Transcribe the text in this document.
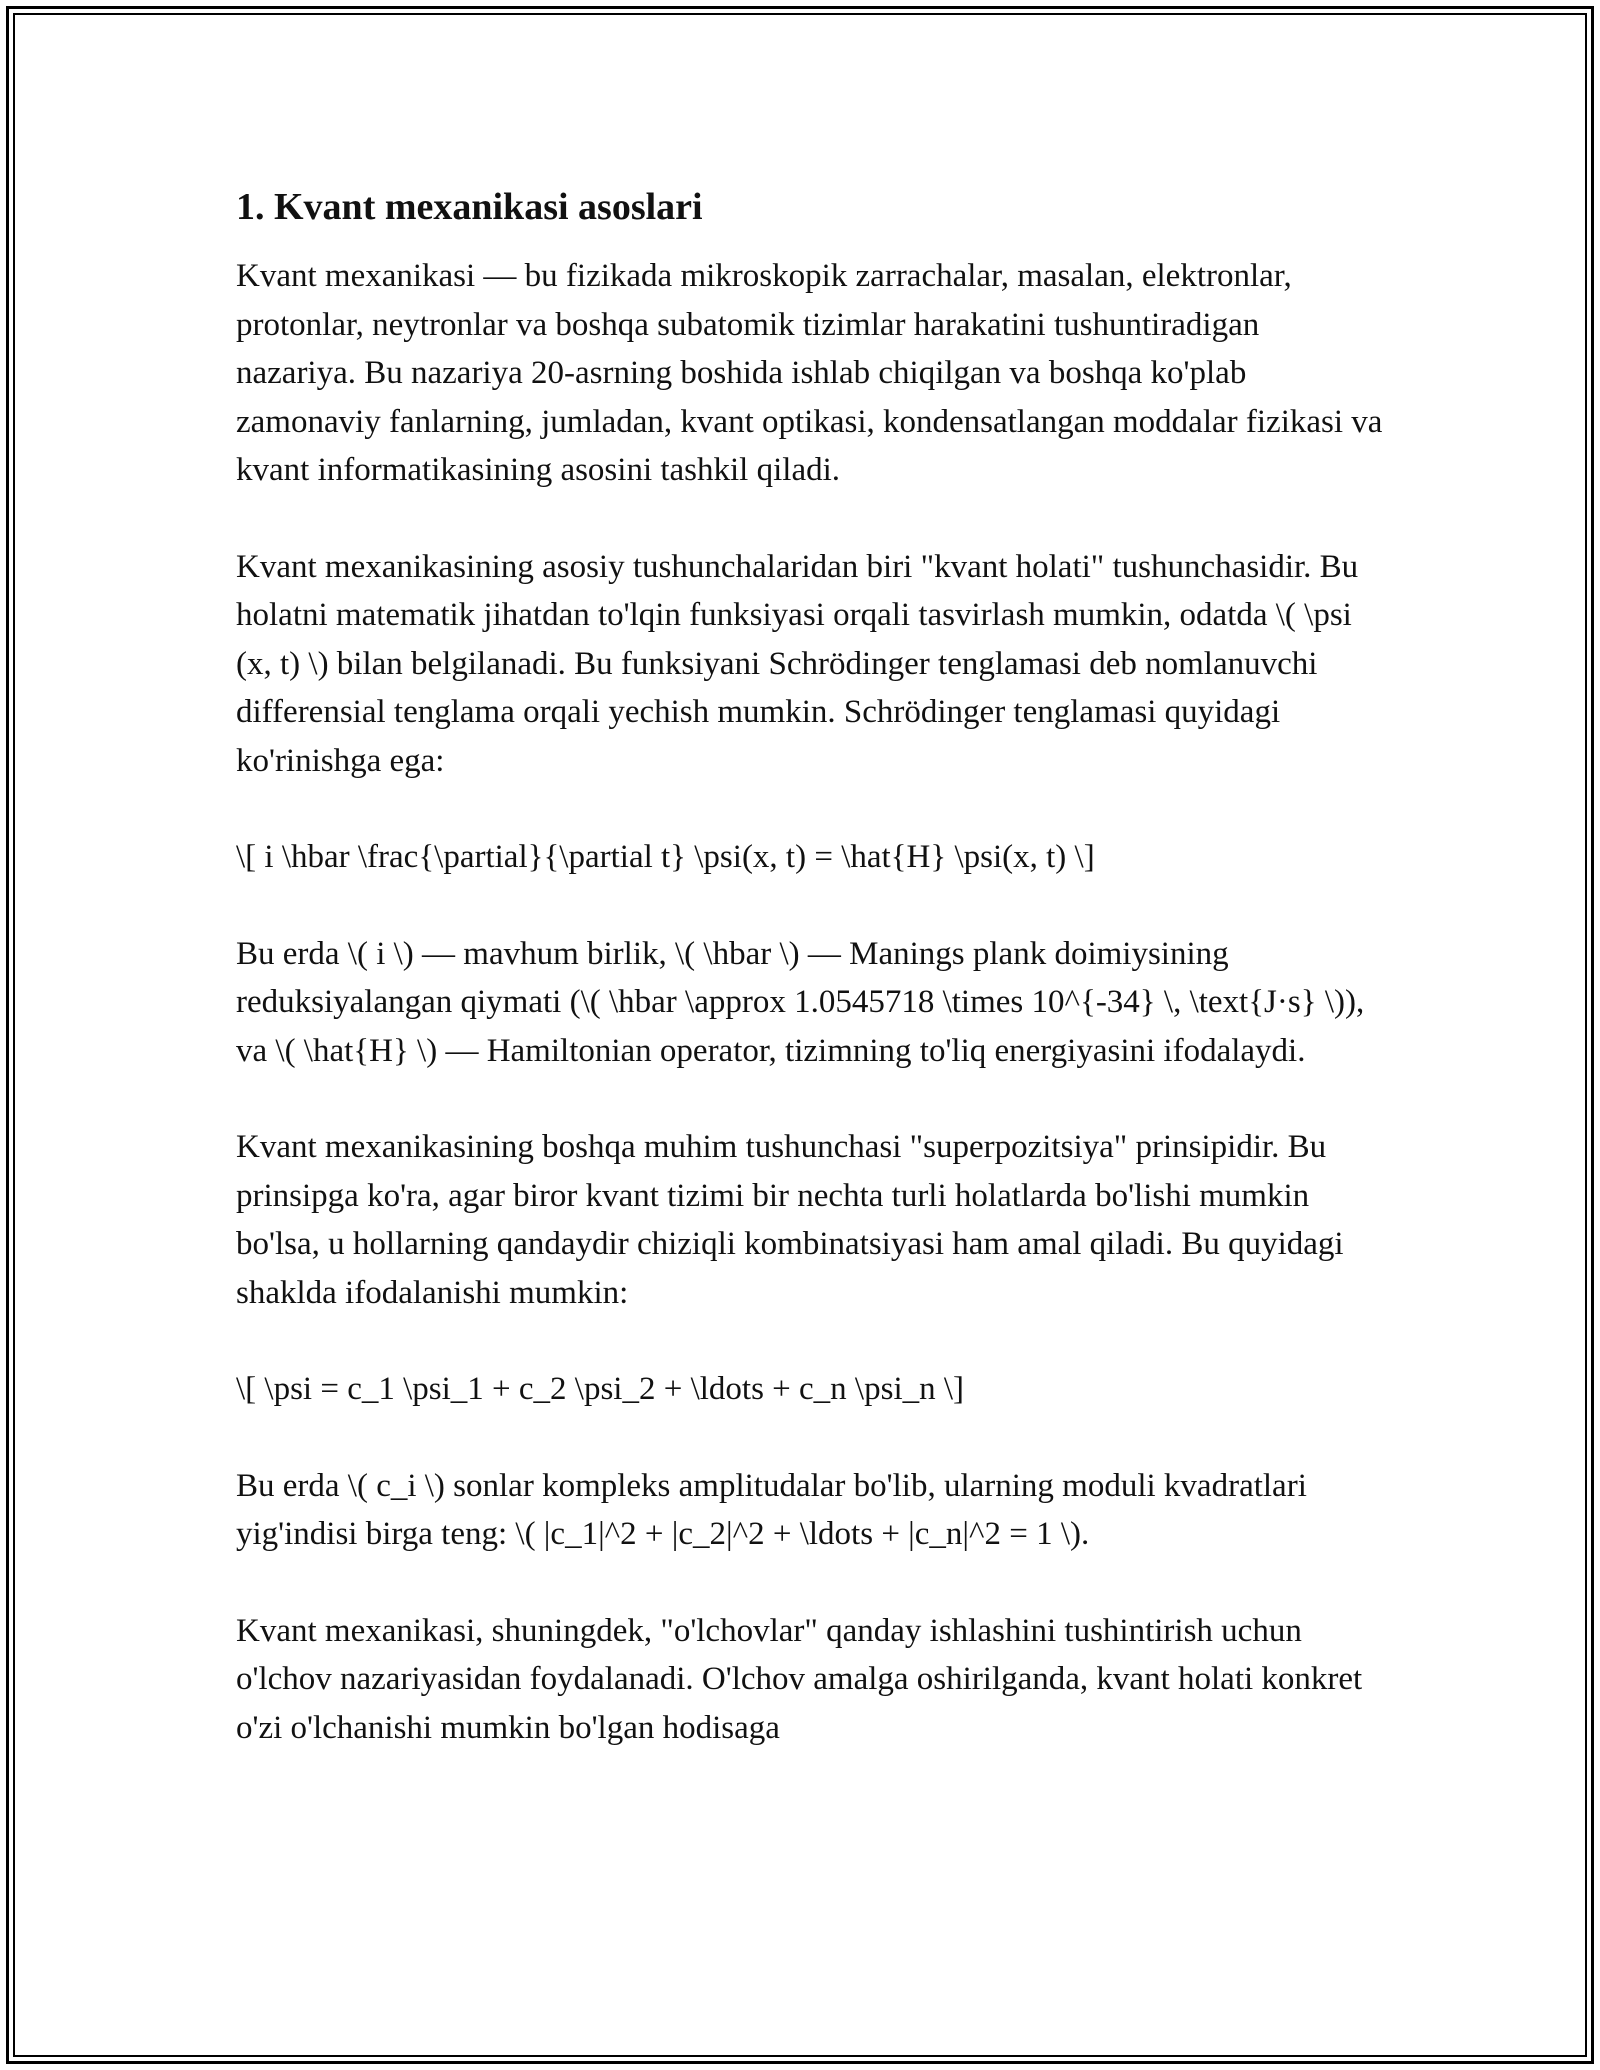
1. Kvant mexanikasi asoslari

Kvant mexanikasi — bu fizikada mikroskopik zarrachalar, masalan, elektronlar, protonlar, neytronlar va boshqa subatomik tizimlar harakatini tushuntiradigan nazariya. Bu nazariya 20-asrning boshida ishlab chiqilgan va boshqa ko'plab zamonaviy fanlarning, jumladan, kvant optikasi, kondensatlangan moddalar fizikasi va kvant informatikasining asosini tashkil qiladi.

Kvant mexanikasining asosiy tushunchalaridan biri "kvant holati" tushunchasidir. Bu holatni matematik jihatdan to'lqin funksiyasi orqali tasvirlash mumkin, odatda \( \psi (x, t) \) bilan belgilanadi. Bu funksiyani Schrödinger tenglamasi deb nomlanuvchi differensial tenglama orqali yechish mumkin. Schrödinger tenglamasi quyidagi ko'rinishga ega:

\[ i \hbar \frac{\partial}{\partial t} \psi(x, t) = \hat{H} \psi(x, t) \]

Bu erda \( i \) — mavhum birlik, \( \hbar \) — Manings plank doimiysining reduksiyalangan qiymati (\( \hbar \approx 1.0545718 \times 10^{-34} \, \text{J·s} \)), va \( \hat{H} \) — Hamiltonian operator, tizimning to'liq energiyasini ifodalaydi.

Kvant mexanikasining boshqa muhim tushunchasi "superpozitsiya" prinsipidir. Bu prinsipga ko'ra, agar biror kvant tizimi bir nechta turli holatlarda bo'lishi mumkin bo'lsa, u hollarning qandaydir chiziqli kombinatsiyasi ham amal qiladi. Bu quyidagi shaklda ifodalanishi mumkin:

\[ \psi = c_1 \psi_1 + c_2 \psi_2 + \ldots + c_n \psi_n \]

Bu erda \( c_i \) sonlar kompleks amplitudalar bo'lib, ularning moduli kvadratlari yig'indisi birga teng: \( |c_1|^2 + |c_2|^2 + \ldots + |c_n|^2 = 1 \).

Kvant mexanikasi, shuningdek, "o'lchovlar" qanday ishlashini tushintirish uchun o'lchov nazariyasidan foydalanadi. O'lchov amalga oshirilganda, kvant holati konkret o'zi o'lchanishi mumkin bo'lgan hodisaga
